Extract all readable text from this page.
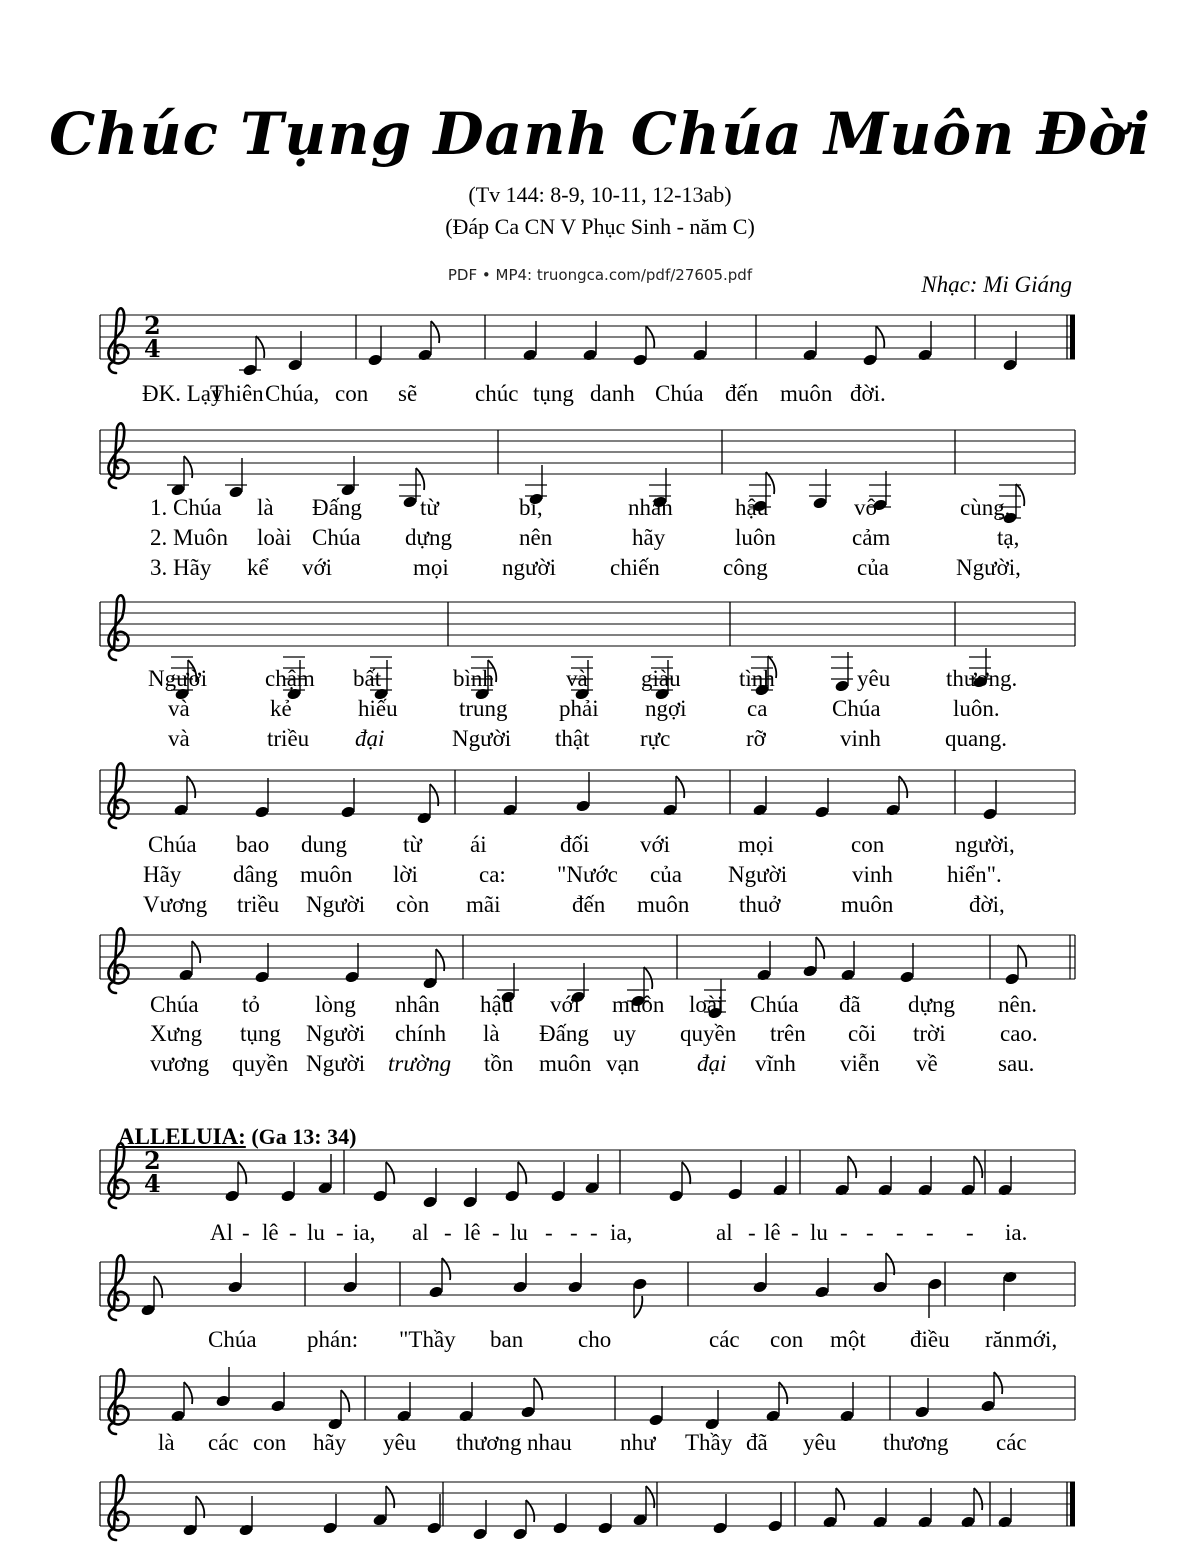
Chúc Tụng Danh Chúa Muôn Đời
(Tv 144: 8-9, 10-11, 12-13ab)
(Đáp Ca CN V Phục Sinh - năm C)
PDF • MP4: truongca.com/pdf/27605.pdf	Nhạc: Mi Giáng
ALLELUIA: (Ga 13: 34)
2
4
ĐK. Lạy
Thiên Chúa, con sẽ	chúc tụng danh Chúa đến muôn đời.
1. Chúa là Đấng	từ	bi,	nhân	hậu	vô	cùng,
2. Muôn loài Chúa dựng	nên	hãy	luôn	cảm	tạ,
3. Hãy kể với	mọi người chiến	công	của	Người,
Người	chậm bất	bình	và giàu	tình	yêu thương.
và	kẻ	hiếu	trung phải ngợi	ca	Chúa	luôn.
và	triều đại	Người thật rực	rỡ	vinh	quang.
Chúa bao dung từ ái	đối với	mọi	con	người,
Hãy dâng muôn lời	ca: "Nước của Người	vinh hiển".
Vương triều Người còn mãi	đến muôn thuở	muôn	đời,
Chúa tỏ lòng nhân hậu với muôn loài Chúa đã dựng nên.
Xưng tụng Người chính là Đấng uy quyền trên cõi trời cao.
vương quyền Người trường tồn muôn vạn	đại vĩnh viễn về	sau.
2
4
Al - lê - lu - ia, al - lê - lu - - - ia,	al - lê - lu - - - - - ia.
Chúa phán: "Thầy ban cho	các con một điều răn mới,
là các con hãy yêu thương nhau như Thầy đã yêu thương các
